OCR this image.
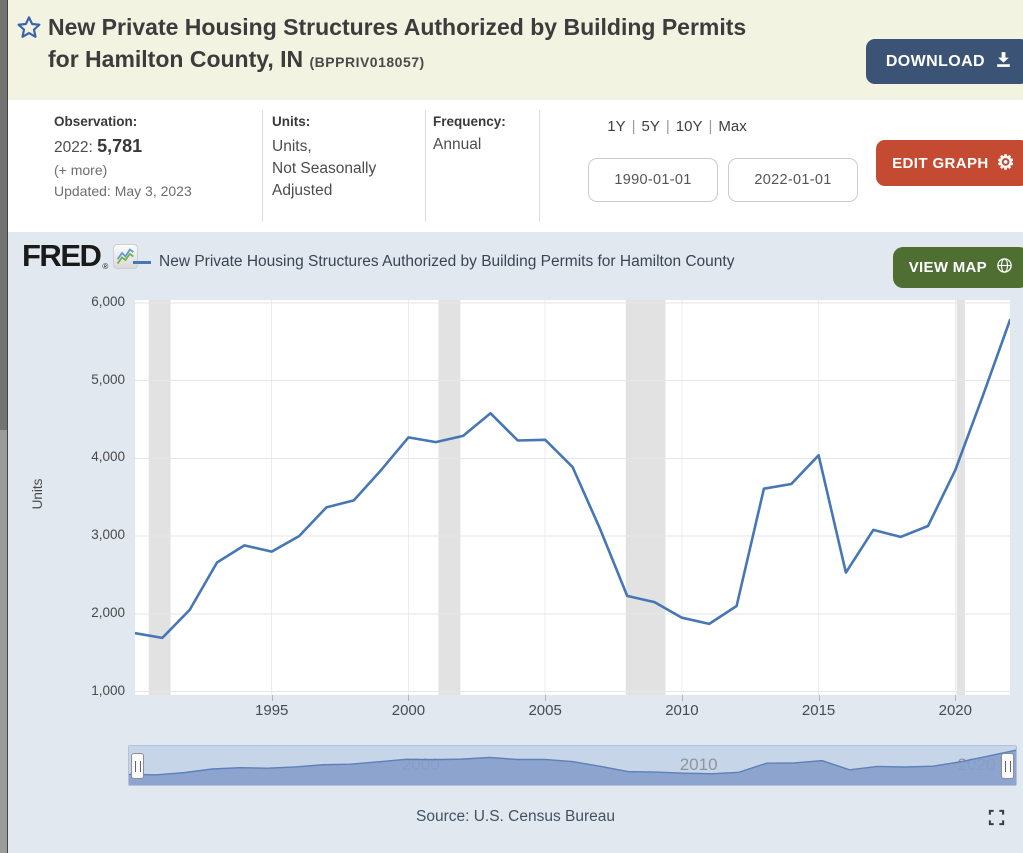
New Private Housing Structures Authorized by Building Permits for Hamilton County, IN (BPPRIV018057)	DOWNLOAD
Observation:
2022: 5,781
(+ more)
Updated: May 3, 2023
Units:
Units,
Not Seasonally
Adjusted
Frequency:
Annual
1Y | 5Y | 10Y | Max
1990-01-01
2022-01-01
EDIT GRAPH ⚙
FRED ®	New Private Housing Structures Authorized by Building Permits for Hamilton County	VIEW MAP
Units
1,000
2,000
3,000
4,000
5,000
6,000
1995	2000	2005	2010	2015	2020
2010
Source: U.S. Census Bureau
